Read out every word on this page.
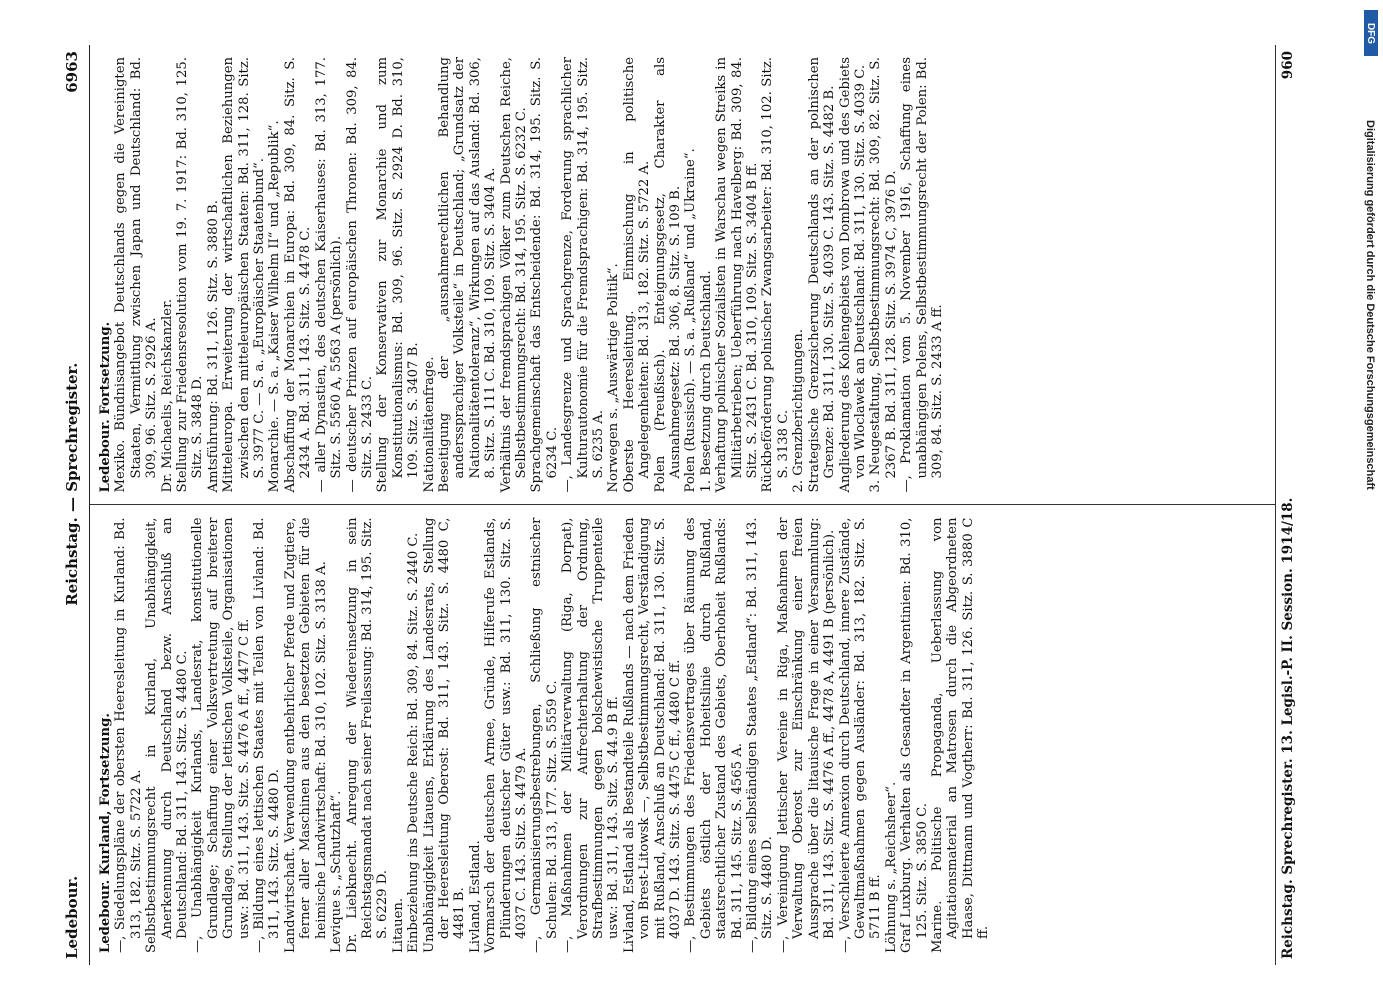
DFG
Digitalisierung gefördert durch die Deutsche Forschungsgemeinschaft
Ledebour.
Reichstag. — Sprechregister.
6963

Ledebour. Kurland, Fortsetzung. —, Siedelungspläne der obersten Heeresleitung in Kurland: Bd. 313, 182. Sitz. S. 5722 A. Selbstbestimmungsrecht in Kurland, Unabhängigkeit, Anerkennung durch Deutschland bezw. Anschluß an Deutschland: Bd. 311, 143. Sitz. S. 4480 C. —, Unabhängigkeit Kurlands, Landesrat, konstitutionelle Grundlage; Schaffung einer Volksvertretung auf breiterer Grundlage, Stellung der lettischen Volksteile, Organisationen usw.: Bd. 311, 143. Sitz. S. 4476 A ff., 4477 C ff. —, Bildung eines lettischen Staates mit Teilen von Livland: Bd. 311, 143. Sitz. S. 4480 D. Landwirtschaft. Verwendung entbehrlicher Pferde und Zugtiere, ferner aller Maschinen aus den besetzten Gebieten für die heimische Landwirtschaft: Bd. 310, 102. Sitz. S. 3138 A. Levique s. „Schutzhaft“. Dr. Liebknecht. Anregung der Wiedereinsetzung in sein Reichstagsmandat nach seiner Freilassung: Bd. 314, 195. Sitz. S. 6229 D. Litauen. Einbeziehung ins Deutsche Reich: Bd. 309, 84. Sitz. S. 2440 C. Unabhängigkeit Litauens, Erklärung des Landesrats, Stellung der Heeresleitung Oberost: Bd. 311, 143. Sitz. S. 4480 C, 4481 B. Livland, Estland. Vormarsch der deutschen Armee, Gründe, Hilferufe Estlands, Plünderungen deutscher Güter usw.: Bd. 311, 130. Sitz. S. 4037 C. 143. Sitz. S. 4479 A. —, Germanisierungsbestrebungen, Schließung estnischer Schulen: Bd. 313, 177. Sitz. S. 5559 C. —, Maßnahmen der Militärverwaltung (Riga, Dorpat), Verordnungen zur Aufrechterhaltung der Ordnung, Strafbestimmungen gegen bolschewistische Truppenteile usw.: Bd. 311, 143. Sitz. S. 44.9 B ff. Livland, Estland als Bestandteile Rußlands — nach dem Frieden von Brest-Litowsk —, Selbstbestimmungsrecht, Verständigung mit Rußland, Anschluß an Deutschland: Bd. 311, 130. Sitz. S. 4037 D. 143. Sitz. S. 4475 C ff., 4480 C ff. —, Bestimmungen des Friedensvertrages über Räumung des Gebiets östlich der Hoheitslinie durch Rußland, staatsrechtlicher Zustand des Gebiets, Oberhoheit Rußlands: Bd. 311, 145. Sitz. S. 4565 A. —, Bildung eines selbständigen Staates „Estland“: Bd. 311, 143. Sitz. S. 4480 D. —, Vereinigung lettischer Vereine in Riga, Maßnahmen der Verwaltung Oberost zur Einschränkung einer freien Aussprache über die litauische Frage in einer Versammlung: Bd. 311, 143. Sitz. S. 4476 A ff., 4478 A, 4491 B (persönlich). —, Verschleierte Annexion durch Deutschland, innere Zustände, Gewaltmaßnahmen gegen Ausländer: Bd. 313, 182. Sitz. S. 5711 B ff. Löhnung s. „Reichsheer“. Graf Luxburg. Verhalten als Gesandter in Argentinien: Bd. 310, 125. Sitz. S. 3850 C. Marine. Politische Propaganda, Ueberlassung von Agitationsmaterial an Matrosen durch die Abgeordneten Haase, Dittmann und Vogtherr: Bd. 311, 126. Sitz. S. 3880 C ff.

Ledebour. Fortsetzung. Mexiko. Bündnisangebot Deutschlands gegen die Vereinigten Staaten, Vermittlung zwischen Japan und Deutschland: Bd. 309, 96. Sitz. S. 2926 A. Dr. Michaelis, Reichskanzler. Stellung zur Friedensresolution vom 19. 7. 1917: Bd. 310, 125. Sitz. S. 3848 D. Amtsführung: Bd. 311, 126. Sitz. S. 3880 B. Mitteleuropa. Erweiterung der wirtschaftlichen Beziehungen zwischen den mitteleuropäischen Staaten: Bd. 311, 128. Sitz. S. 3977 C. — S. a. „Europäischer Staatenbund“. Monarchie. — S. a. „Kaiser Wilhelm II“ und „Republik“. Abschaffung der Monarchien in Europa: Bd. 309, 84. Sitz. S. 2434 A. Bd. 311, 143. Sitz. S. 4478 C. — aller Dynastien, des deutschen Kaiserhauses: Bd. 313, 177. Sitz. S. 5560 A, 5563 A (persönlich). — deutscher Prinzen auf europäischen Thronen: Bd. 309, 84. Sitz. S. 2433 C. Stellung der Konservativen zur Monarchie und zum Konstitutionalismus: Bd. 309, 96. Sitz. S. 2924 D. Bd. 310, 109. Sitz. S. 3407 B. Nationalitätenfrage. Beseitigung der „ausnahmerechtlichen Behandlung anderssprachiger Volksteile“ in Deutschland; „Grundsatz der Nationalitätentoleranz“, Wirkungen auf das Ausland: Bd. 306, 8. Sitz. S. 111 C. Bd. 310, 109. Sitz. S. 3404 A. Verhältnis der fremdsprachigen Völker zum Deutschen Reiche, Selbstbestimmungsrecht: Bd. 314, 195. Sitz. S. 6232 C. Sprachgemeinschaft das Entscheidende: Bd. 314, 195. Sitz. S. 6234 C. —, Landesgrenze und Sprachgrenze, Forderung sprachlicher Kulturautonomie für die Fremdsprachigen: Bd. 314, 195. Sitz. S. 6235 A. Norwegen s. „Auswärtige Politik“. Oberste Heeresleitung. Einmischung in politische Angelegenheiten: Bd. 313, 182. Sitz. S. 5722 A. Polen (Preußisch). Enteignungsgesetz, Charakter als Ausnahmegesetz: Bd. 306, 8. Sitz. S. 109 B. Polen (Russisch). — S. a. „Rußland“ und „Ukraine“. 1. Besetzung durch Deutschland. Verhaftung polnischer Sozialisten in Warschau wegen Streiks in Militärbetrieben; Ueberführung nach Havelberg: Bd. 309, 84. Sitz. S. 2431 C. Bd. 310, 109. Sitz. S. 3404 B ff. Rückbeförderung polnischer Zwangsarbeiter: Bd. 310, 102. Sitz. S. 3138 C. 2. Grenzberichtigungen. Strategische Grenzsicherung Deutschlands an der polnischen Grenze: Bd. 311, 130. Sitz. S. 4039 C. 143. Sitz. S. 4482 B. Angliederung des Kohlengebiets von Dombrowa und des Gebiets von Wloclawek an Deutschland: Bd. 311, 130. Sitz. S. 4039 C. 3. Neugestaltung, Selbstbestimmungsrecht: Bd. 309, 82. Sitz. S. 2367 B. Bd. 311, 128. Sitz. S. 3974 C, 3976 D. —, Proklamation vom 5. November 1916, Schaffung eines unabhängigen Polens, Selbstbestimmungsrecht der Polen: Bd. 309, 84. Sitz. S. 2433 A ff.

Reichstag. Sprechregister. 13. Legisl.-P. II. Session. 1914/18.
960
